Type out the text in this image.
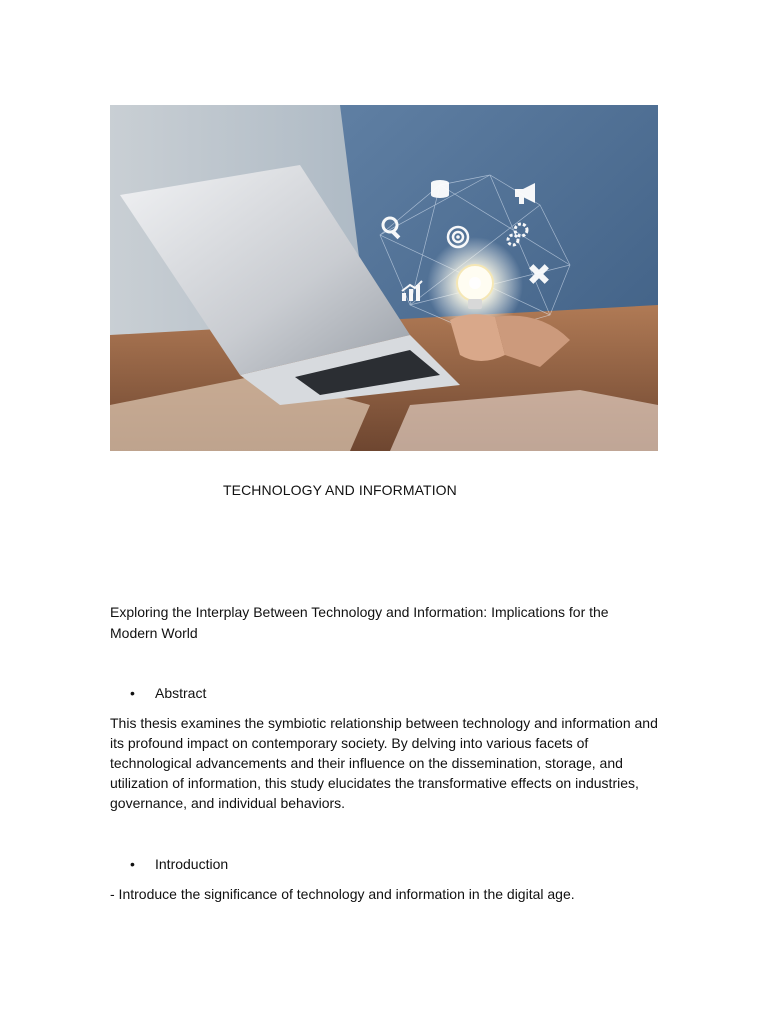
TECHNOLOGY AND INFORMATION
Exploring the Interplay Between Technology and Information: Implications for the Modern World
• Abstract
This thesis examines the symbiotic relationship between technology and information and its profound impact on contemporary society. By delving into various facets of technological advancements and their influence on the dissemination, storage, and utilization of information, this study elucidates the transformative effects on industries, governance, and individual behaviors.
• Introduction
- Introduce the significance of technology and information in the digital age.
